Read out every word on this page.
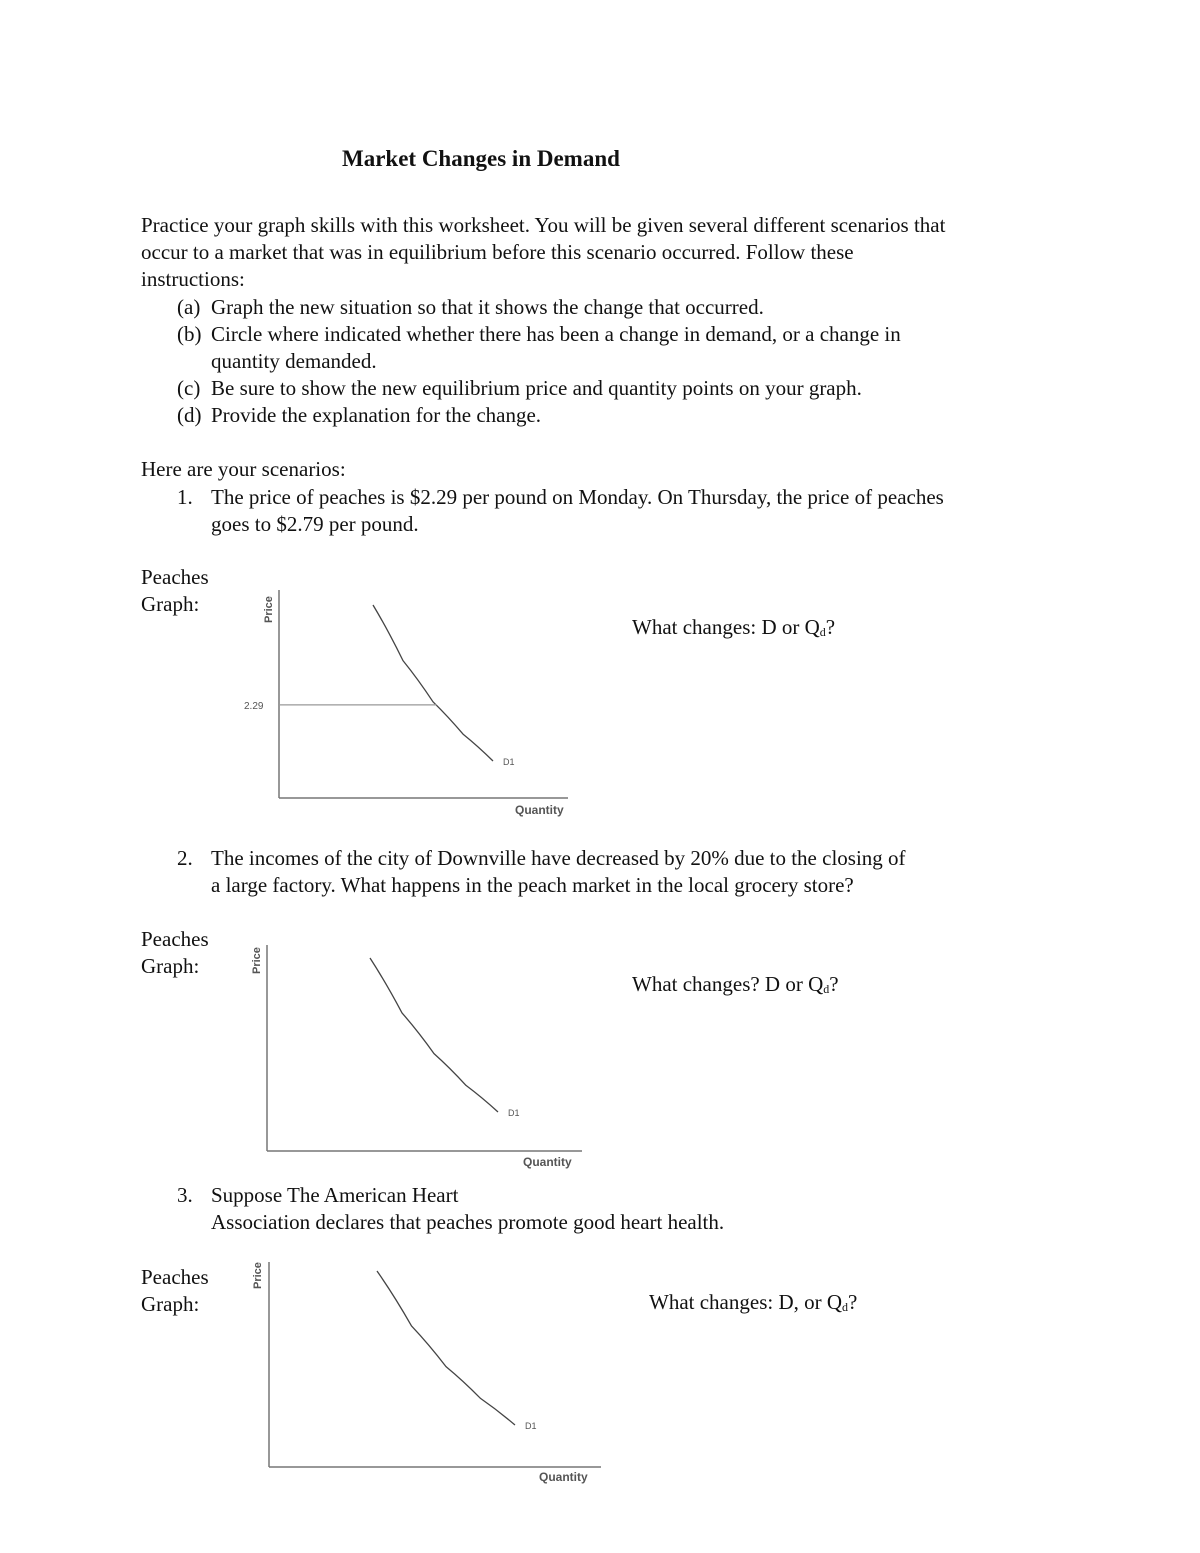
Market Changes in Demand
Practice your graph skills with this worksheet. You will be given several different scenarios that
occur to a market that was in equilibrium before this scenario occurred. Follow these
instructions:
(a) Graph the new situation so that it shows the change that occurred.
(b) Circle where indicated whether there has been a change in demand, or a change in
quantity demanded.
(c) Be sure to show the new equilibrium price and quantity points on your graph.
(d) Provide the explanation for the change.
Here are your scenarios:
1. The price of peaches is $2.29 per pound on Monday. On Thursday, the price of peaches
goes to $2.79 per pound.
Peaches
Graph:
What changes: D or $Q_d$?
2.29
D1
Quantity
Price
2. The incomes of the city of Downville have decreased by 20% due to the closing of
a large factory. What happens in the peach market in the local grocery store?
Peaches
Graph:
What changes? D or $Q_d$?
D1
Quantity
Price
3. Suppose The American Heart
Association declares that peaches promote good heart health.
Peaches
Graph:	What changes: D, or $Q_d$?
D1
Quantity
Price
